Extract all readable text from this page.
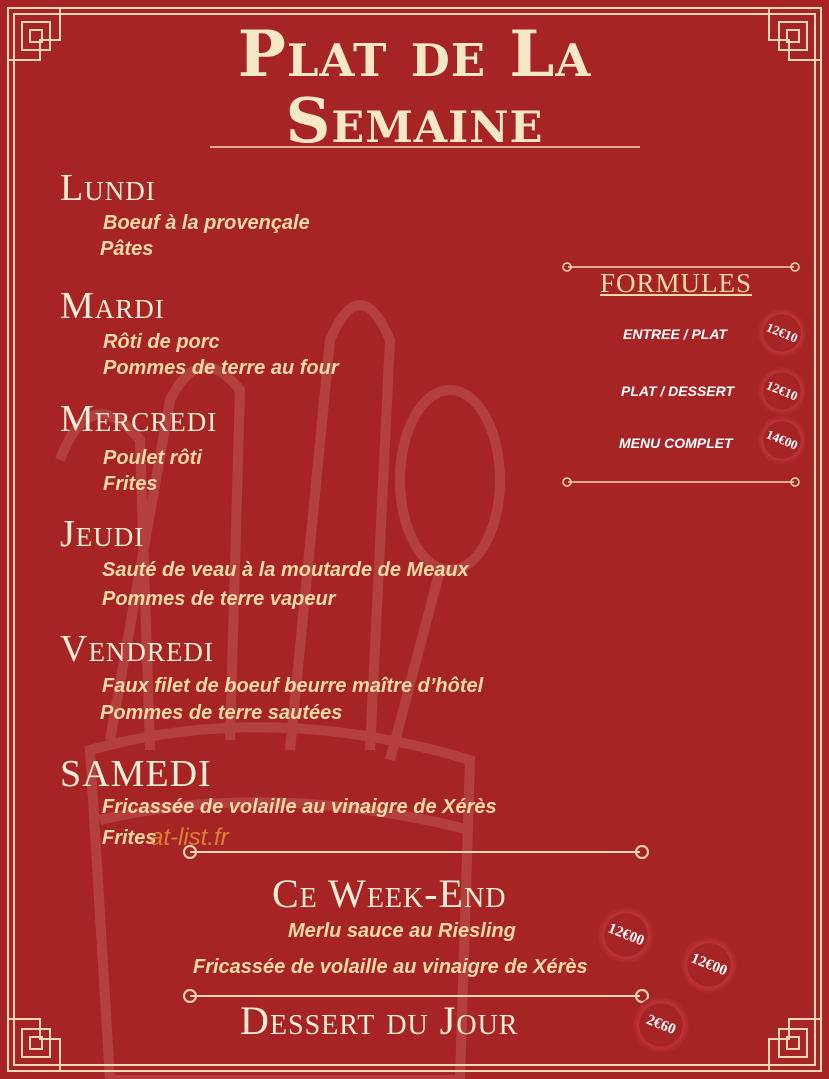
Plat de La
Semaine
Lundi
Boeuf à la provençale
Pâtes
Mardi
Rôti de porc
Pommes de terre au four
Mercredi
Poulet rôti
Frites
Jeudi
Sauté de veau à la moutarde de Meaux
Pommes de terre vapeur
Vendredi
Faux filet de boeuf beurre maître d’hôtel
Pommes de terre sautées
SAMEDI
Fricassée de volaille au vinaigre de Xérès
Frites
at-list.fr
FORMULES
ENTREE / PLAT	12€10
PLAT / DESSERT	12€10
MENU COMPLET	14€00
Ce Week-End
Merlu sauce au Riesling	12€00
Fricassée de volaille au vinaigre de Xérès	12€00
Dessert du Jour	2€60
